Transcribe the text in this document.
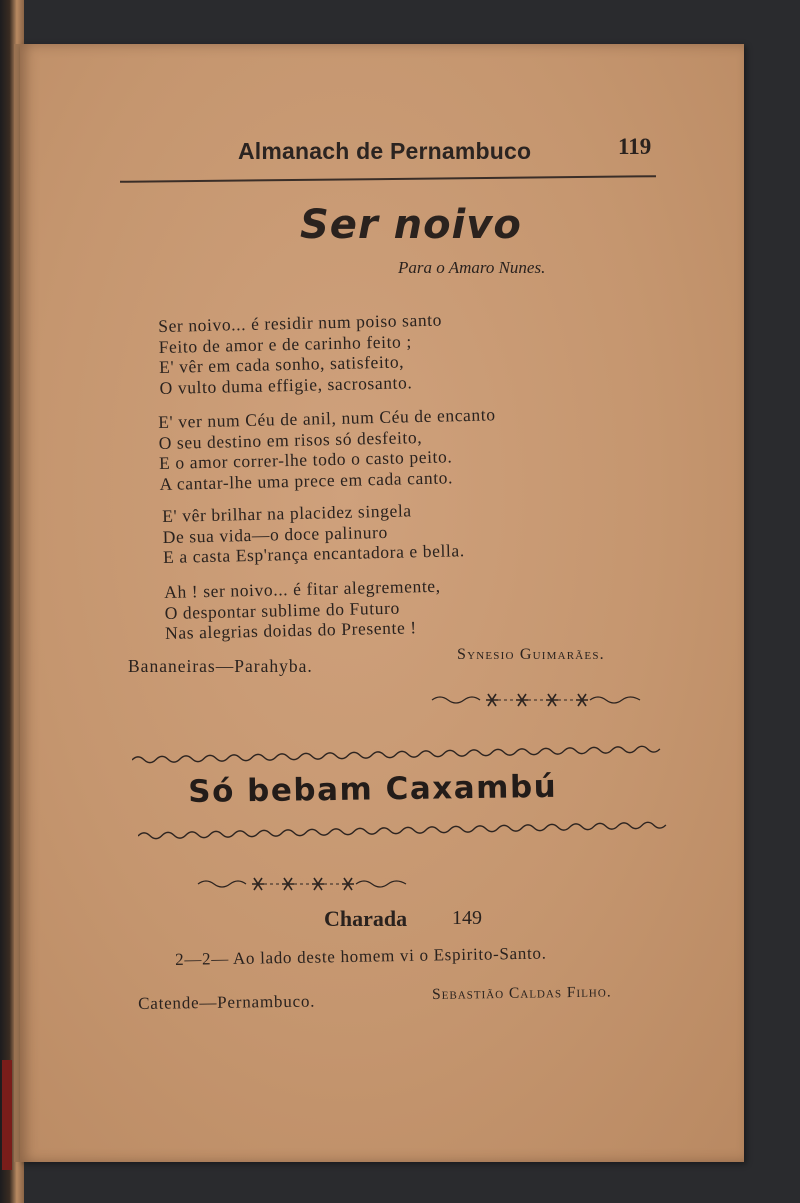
Almanach de Pernambuco	119
Ser noivo
Para o Amaro Nunes.
Ser noivo... é residir num poiso santo
Feito de amor e de carinho feito ;
E' vêr em cada sonho, satisfeito,
O vulto duma effigie, sacrosanto.
E' ver num Céu de anil, num Céu de encanto
O seu destino em risos só desfeito,
E o amor correr-lhe todo o casto peito.
A cantar-lhe uma prece em cada canto.
E' vêr brilhar na placidez singela
De sua vida—o doce palinuro
E a casta Esp'rança encantadora e bella.
Ah ! ser noivo... é fitar alegremente,
O despontar sublime do Futuro
Nas alegrias doidas do Presente !
Bananeiras—Parahyba.
Synesio Guimarães.
Só bebam Caxambú
Charada 149
2—2— Ao lado deste homem vi o Espirito-Santo.
Catende—Pernambuco.	Sebastião Caldas Filho.
